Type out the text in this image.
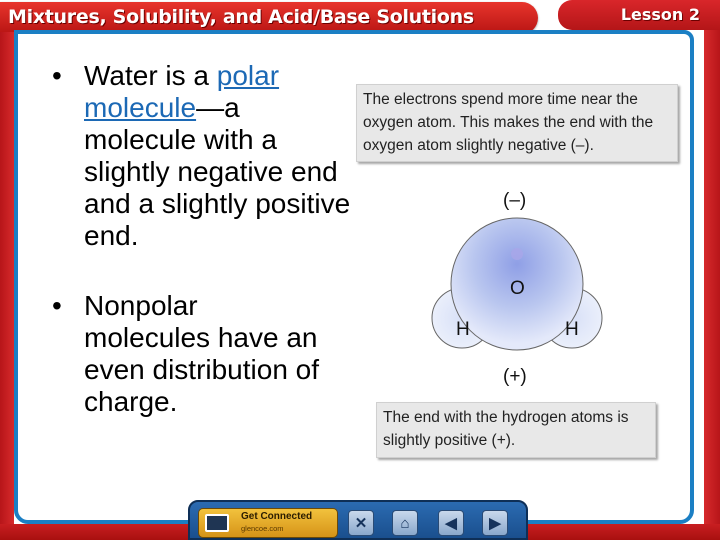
Mixtures, Solubility, and Acid/Base Solutions	Lesson 2
• Water is a polar molecule—a molecule with a slightly negative end and a slightly positive end.
• Nonpolar molecules have an even distribution of charge.
The electrons spend more time near the oxygen atom. This makes the end with the oxygen atom slightly negative (–).
The end with the hydrogen atoms is slightly positive (+).
(–)
O
H	H
(+)
Get Connected
glencoe.com	✕ ⌂ ◀ ▶
